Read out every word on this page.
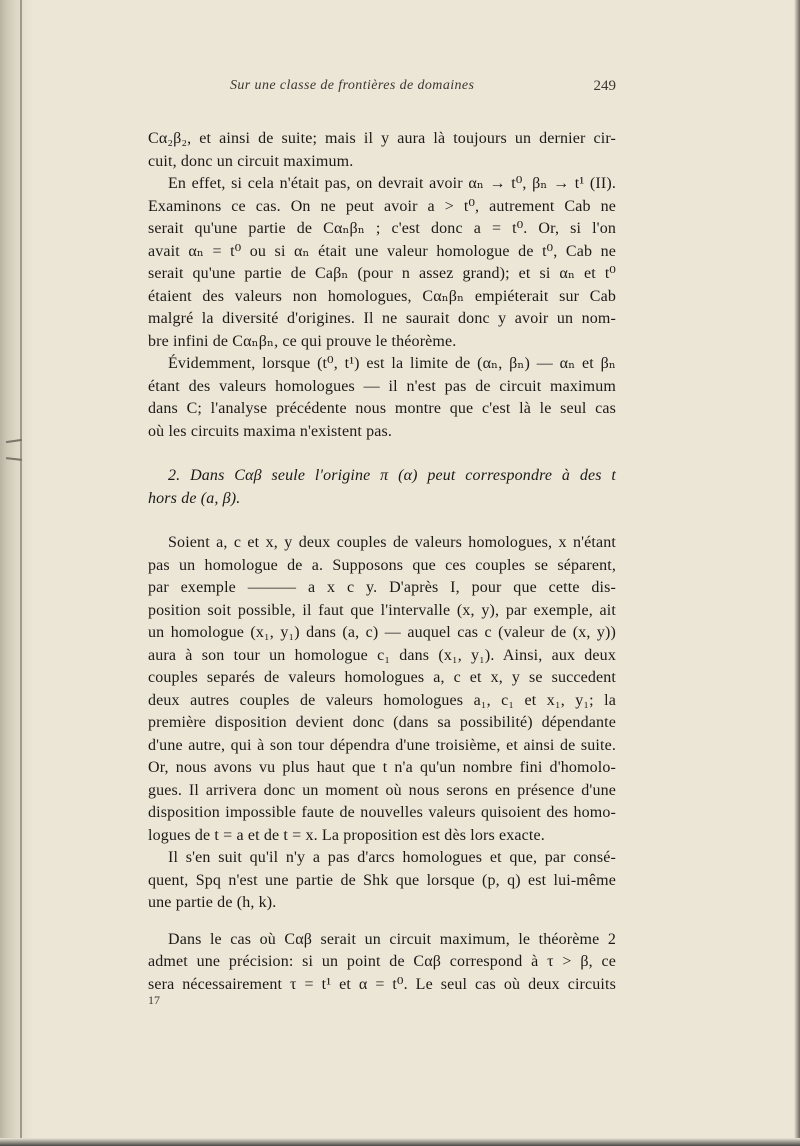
Sur une classe de frontières de domaines	249
Cα₂β₂, et ainsi de suite; mais il y aura là toujours un dernier cir-
cuit, donc un circuit maximum.
En effet, si cela n'était pas, on devrait avoir αₙ → t⁰, βₙ → t¹ (II).
Examinons ce cas. On ne peut avoir a > t⁰, autrement Cab ne
serait qu'une partie de Cαₙβₙ ; c'est donc a = t⁰. Or, si l'on
avait αₙ = t⁰ ou si αₙ était une valeur homologue de t⁰, Cab ne
serait qu'une partie de Caβₙ (pour n assez grand); et si αₙ et t⁰
étaient des valeurs non homologues, Cαₙβₙ empiéterait sur Cab
malgré la diversité d'origines. Il ne saurait donc y avoir un nom-
bre infini de Cαₙβₙ, ce qui prouve le théorème.
Évidemment, lorsque (t⁰, t¹) est la limite de (αₙ, βₙ) — αₙ et βₙ
étant des valeurs homologues — il n'est pas de circuit maximum
dans C; l'analyse précédente nous montre que c'est là le seul cas
où les circuits maxima n'existent pas.
2. Dans Cαβ seule l'origine π (α) peut correspondre à des t
hors de (a, β).
Soient a, c et x, y deux couples de valeurs homologues, x n'étant
pas un homologue de a. Supposons que ces couples se séparent,
par exemple ——— a x c y. D'après I, pour que cette dis-
position soit possible, il faut que l'intervalle (x, y), par exemple, ait
un homologue (x₁, y₁) dans (a, c) — auquel cas c (valeur de (x, y))
aura à son tour un homologue c₁ dans (x₁, y₁). Ainsi, aux deux
couples separés de valeurs homologues a, c et x, y se succedent
deux autres couples de valeurs homologues a₁, c₁ et x₁, y₁; la
première disposition devient donc (dans sa possibilité) dépendante
d'une autre, qui à son tour dépendra d'une troisième, et ainsi de suite.
Or, nous avons vu plus haut que t n'a qu'un nombre fini d'homolo-
gues. Il arrivera donc un moment où nous serons en présence d'une
disposition impossible faute de nouvelles valeurs quisoient des homo-
logues de t = a et de t = x. La proposition est dès lors exacte.
Il s'en suit qu'il n'y a pas d'arcs homologues et que, par consé-
quent, Spq n'est une partie de Shk que lorsque (p, q) est lui-même
une partie de (h, k).
Dans le cas où Cαβ serait un circuit maximum, le théorème 2
admet une précision: si un point de Cαβ correspond à τ > β, ce
sera nécessairement τ = t¹ et α = t⁰. Le seul cas où deux circuits
17
